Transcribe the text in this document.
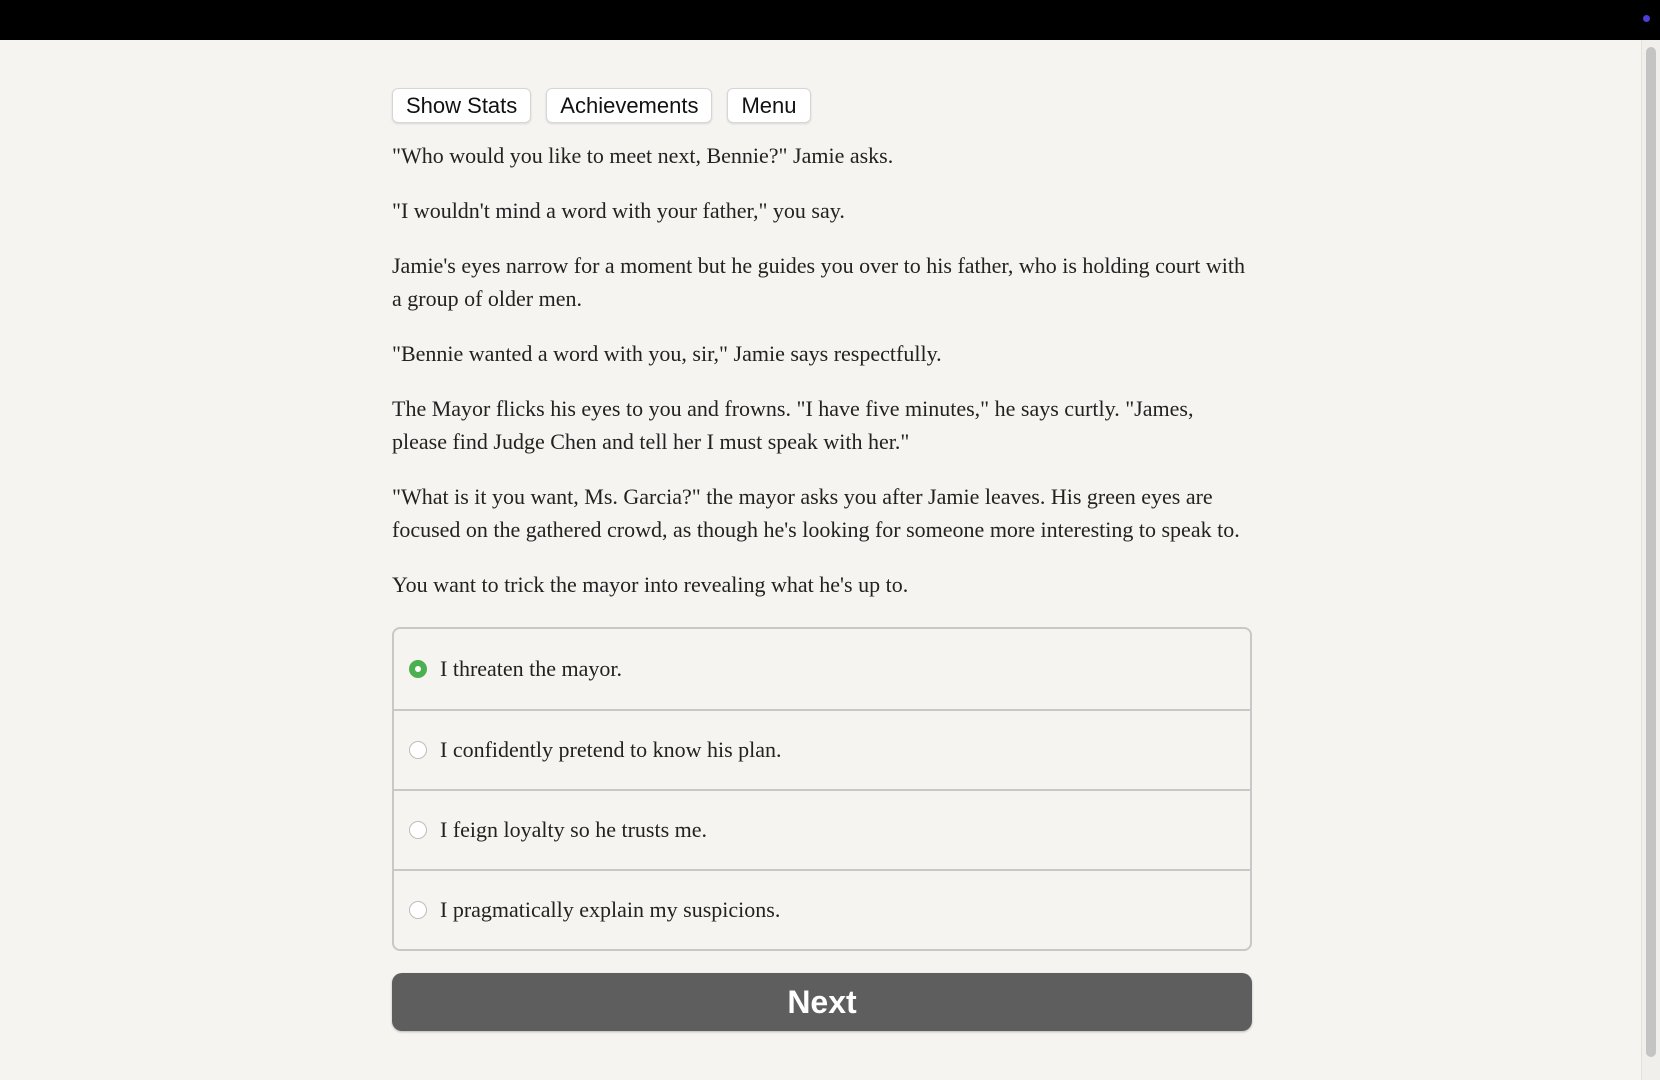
Show Stats	Achievements	Menu

"Who would you like to meet next, Bennie?" Jamie asks.

"I wouldn't mind a word with your father," you say.

Jamie's eyes narrow for a moment but he guides you over to his father, who is holding court with a group of older men.

"Bennie wanted a word with you, sir," Jamie says respectfully.

The Mayor flicks his eyes to you and frowns. "I have five minutes," he says curtly. "James, please find Judge Chen and tell her I must speak with her."

"What is it you want, Ms. Garcia?" the mayor asks you after Jamie leaves. His green eyes are focused on the gathered crowd, as though he's looking for someone more interesting to speak to.

You want to trick the mayor into revealing what he's up to.

I threaten the mayor.
I confidently pretend to know his plan.
I feign loyalty so he trusts me.
I pragmatically explain my suspicions.
Next
